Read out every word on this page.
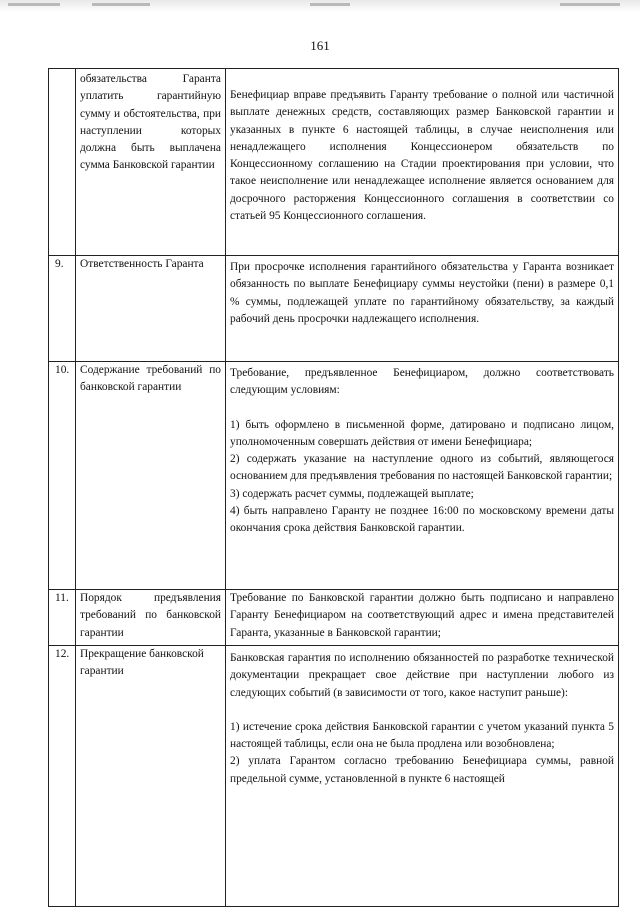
161
	обязательства Гаранта уплатить гарантийную сумму и обстоятельства, при наступлении которых должна быть выплачена сумма Банковской гарантии	Бенефициар вправе предъявить Гаранту требование о полной или частичной выплате денежных средств, составляющих размер Банковской гарантии и указанных в пункте 6 настоящей таблицы, в случае неисполнения или ненадлежащего исполнения Концессионером обязательств по Концессионному соглашению на Стадии проектирования при условии, что такое неисполнение или ненадлежащее исполнение является основанием для досрочного расторжения Концессионного соглашения в соответствии со статьей 95 Концессионного соглашения.

9.	Ответственность Гаранта	При просрочке исполнения гарантийного обязательства у Гаранта возникает обязанность по выплате Бенефициару суммы неустойки (пени) в размере 0,1 % суммы, подлежащей уплате по гарантийному обязательству, за каждый рабочий день просрочки надлежащего исполнения.

10.	Содержание требований по банковской гарантии	Требование, предъявленное Бенефициаром, должно соответствовать следующим условиям:

1) быть оформлено в письменной форме, датировано и подписано лицом, уполномоченным совершать действия от имени Бенефициара;

2) содержать указание на наступление одного из событий, являющегося основанием для предъявления требования по настоящей Банковской гарантии;

3) содержать расчет суммы, подлежащей выплате;

4) быть направлено Гаранту не позднее 16:00 по московскому времени даты окончания срока действия Банковской гарантии.

11.	Порядок предъявления требований по банковской гарантии	Требование по Банковской гарантии должно быть подписано и направлено Гаранту Бенефициаром на соответствующий адрес и имена представителей Гаранта, указанные в Банковской гарантии;

12.	Прекращение банковской гарантии	Банковская гарантия по исполнению обязанностей по разработке технической документации прекращает свое действие при наступлении любого из следующих событий (в зависимости от того, какое наступит раньше):

1) истечение срока действия Банковской гарантии с учетом указаний пункта 5 настоящей таблицы, если она не была продлена или возобновлена;

2) уплата Гарантом согласно требованию Бенефициара суммы, равной предельной сумме, установленной в пункте 6 настоящей
